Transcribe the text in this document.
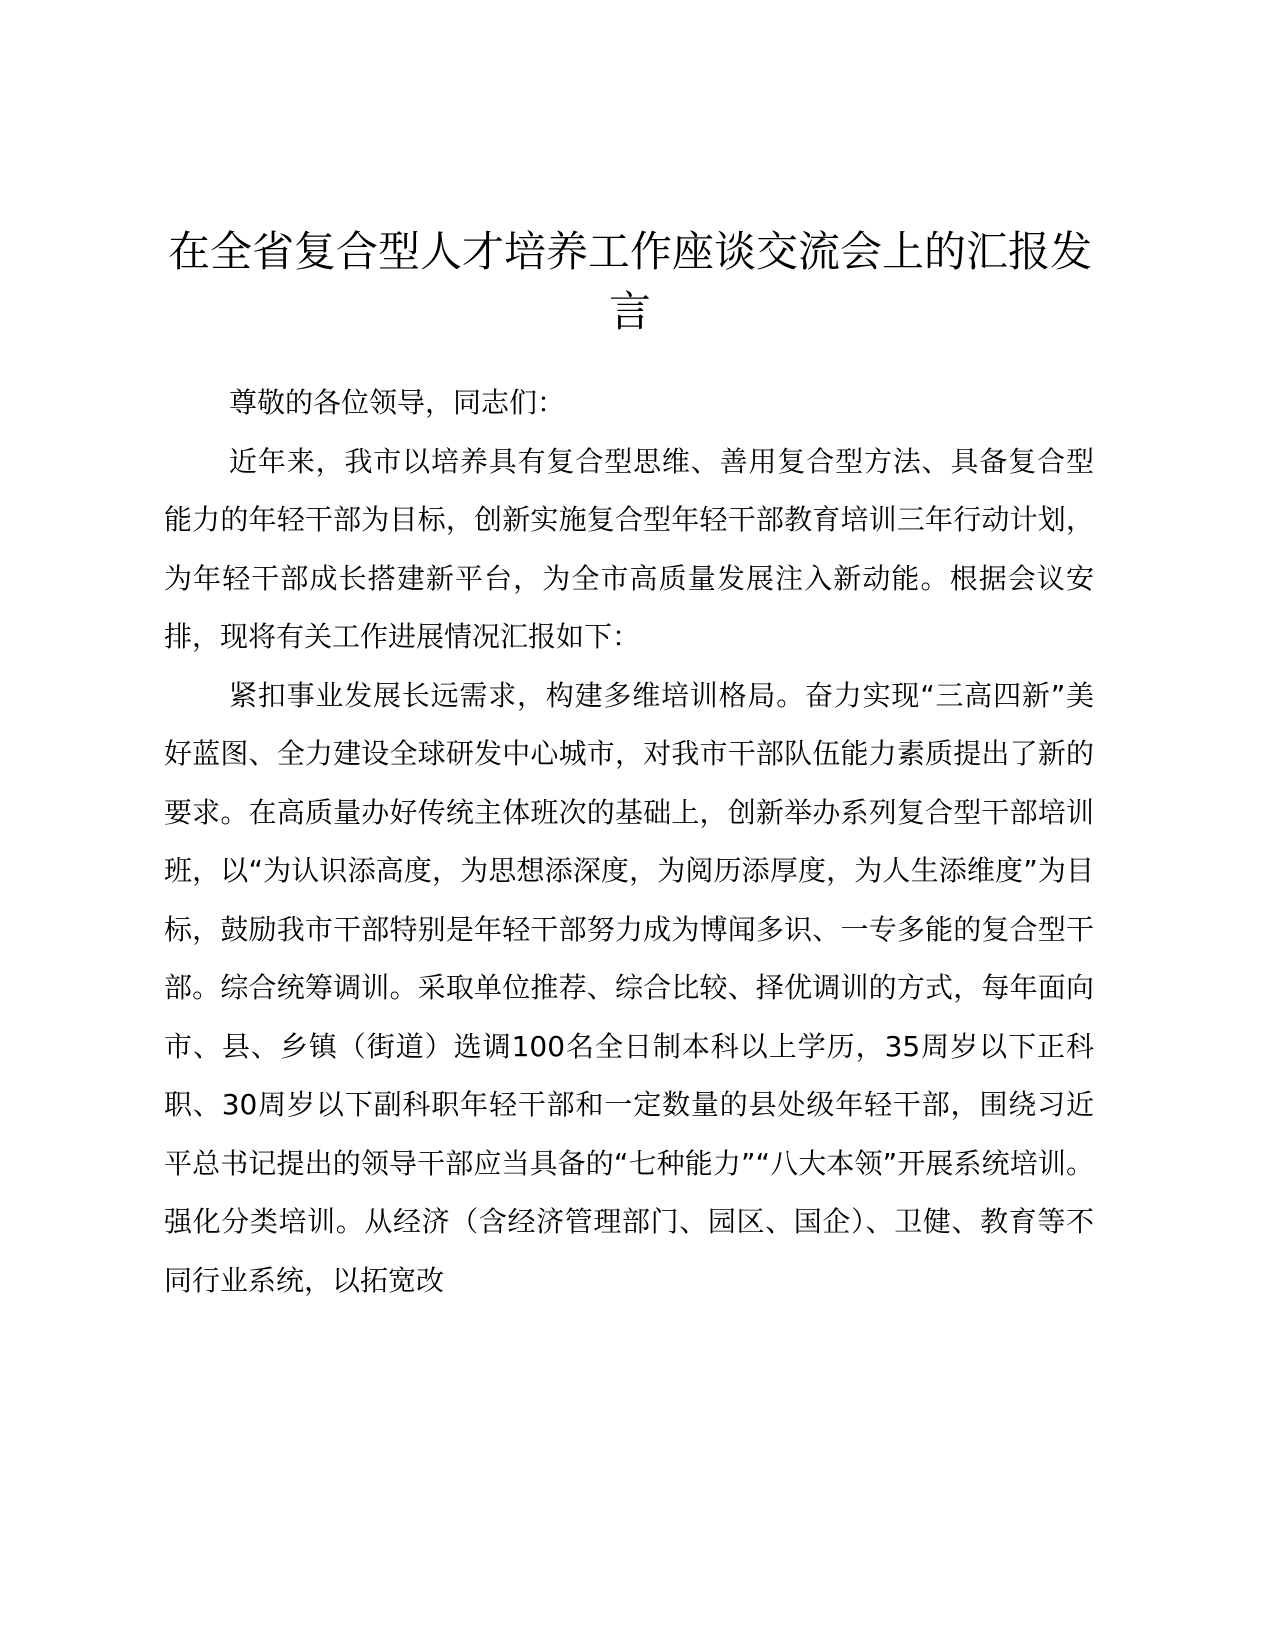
在全省复合型人才培养工作座谈交流会上的汇报发言

尊敬的各位领导，同志们：

近年来，我市以培养具有复合型思维、善用复合型方法、具备复合型能力的年轻干部为目标，创新实施复合型年轻干部教育培训三年行动计划，为年轻干部成长搭建新平台，为全市高质量发展注入新动能。根据会议安排，现将有关工作进展情况汇报如下：

紧扣事业发展长远需求，构建多维培训格局。奋力实现“三高四新”美好蓝图、全力建设全球研发中心城市，对我市干部队伍能力素质提出了新的要求。在高质量办好传统主体班次的基础上，创新举办系列复合型干部培训班，以“为认识添高度，为思想添深度，为阅历添厚度，为人生添维度”为目标，鼓励我市干部特别是年轻干部努力成为博闻多识、一专多能的复合型干部。综合统筹调训。采取单位推荐、综合比较、择优调训的方式，每年面向市、县、乡镇（街道）选调100名全日制本科以上学历，35周岁以下正科职、30周岁以下副科职年轻干部和一定数量的县处级年轻干部，围绕习近平总书记提出的领导干部应当具备的“七种能力”“八大本领”开展系统培训。强化分类培训。从经济（含经济管理部门、园区、国企）、卫健、教育等不同行业系统，以拓宽改
